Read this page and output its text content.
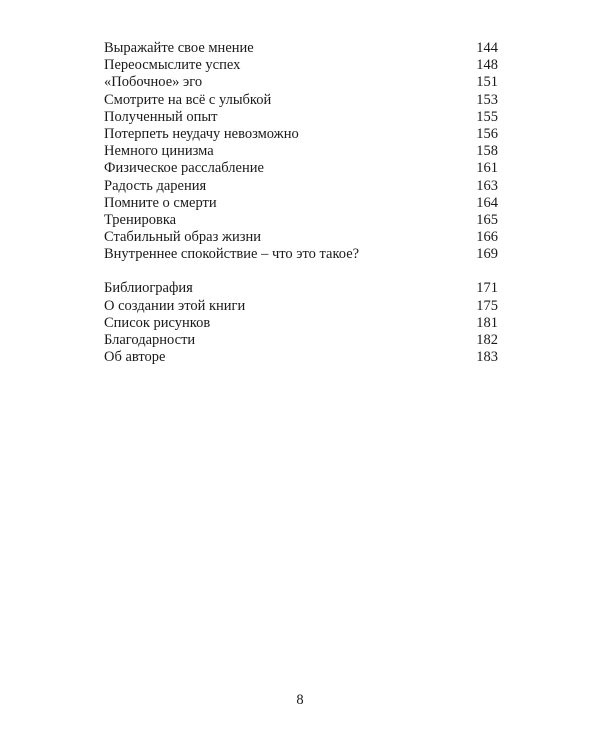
Выражайте свое мнение	144
Переосмыслите успех	148
«Побочное» эго	151
Смотрите на всё с улыбкой	153
Полученный опыт	155
Потерпеть неудачу невозможно	156
Немного цинизма	158
Физическое расслабление	161
Радость дарения	163
Помните о смерти	164
Тренировка	165
Стабильный образ жизни	166
Внутреннее спокойствие – что это такое?	169
Библиография	171
О создании этой книги	175
Список рисунков	181
Благодарности	182
Об авторе	183
8
